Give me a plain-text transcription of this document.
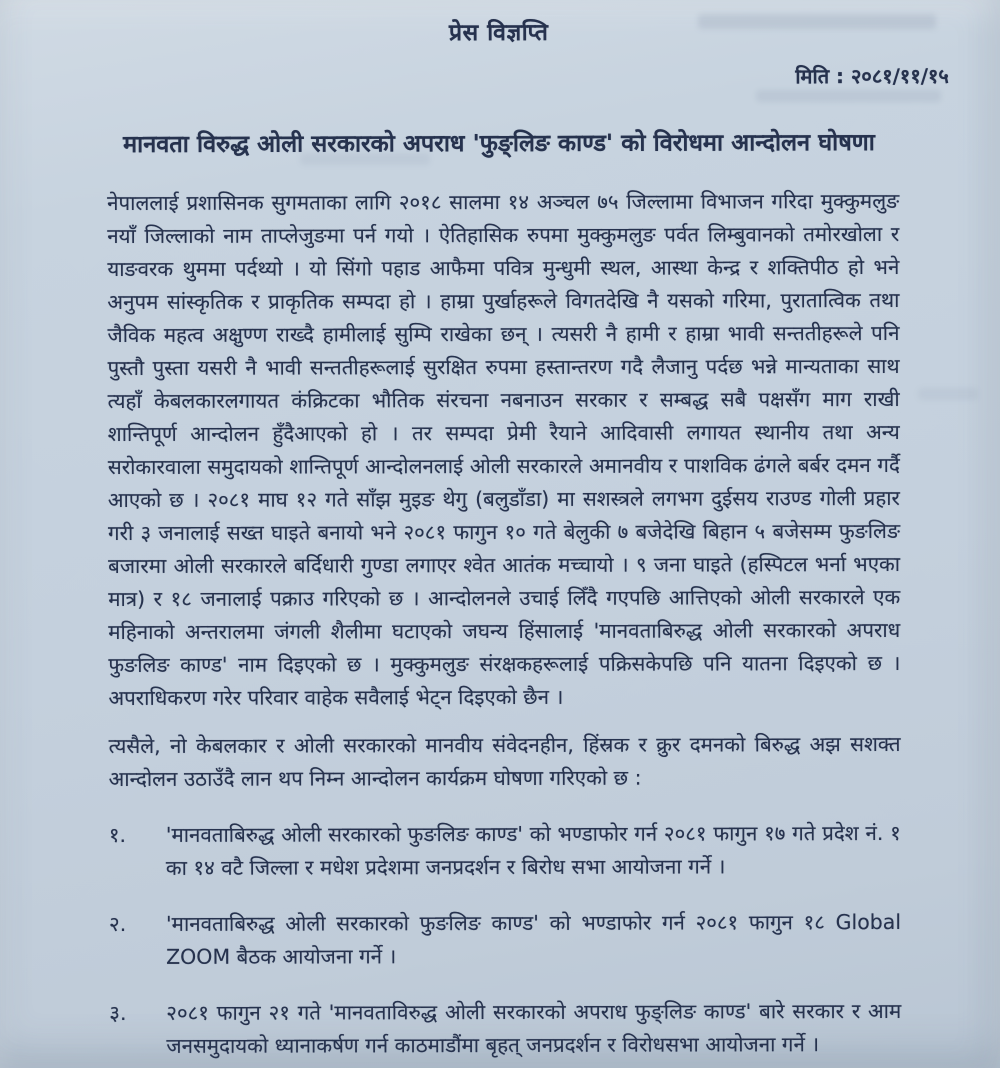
प्रेस विज्ञप्ति
मिति : २०८१/११/१५
मानवता विरुद्ध ओली सरकारको अपराध 'फुङ्लिङ काण्ड' को विरोधमा आन्दोलन घोषणा

नेपाललाई प्रशासिनक सुगमताका लागि २०१८ सालमा १४ अञ्चल ७५ जिल्लामा विभाजन गरिदा मुक्कुमलुङ नयाँ जिल्लाको नाम ताप्लेजुङमा पर्न गयो । ऐतिहासिक रुपमा मुक्कुमलुङ पर्वत लिम्बुवानको तमोरखोला र याङवरक थुममा पर्दथ्यो । यो सिंगो पहाड आफैमा पवित्र मुन्धुमी स्थल, आस्था केन्द्र र शक्तिपीठ हो भने अनुपम सांस्कृतिक र प्राकृतिक सम्पदा हो । हाम्रा पुर्खाहरूले विगतदेखि नै यसको गरिमा, पुरातात्विक तथा जैविक महत्व अक्षुण्ण राख्दै हामीलाई सुम्पि राखेका छन् । त्यसरी नै हामी र हाम्रा भावी सन्ततीहरूले पनि पुस्तौ पुस्ता यसरी नै भावी सन्ततीहरूलाई सुरक्षित रुपमा हस्तान्तरण गदै लैजानु पर्दछ भन्ने मान्यताका साथ त्यहाँ केबलकारलगायत कंक्रिटका भौतिक संरचना नबनाउन सरकार र सम्बद्ध सबै पक्षसँग माग राखी शान्तिपूर्ण आन्दोलन हुँदैआएको हो । तर सम्पदा प्रेमी रैयाने आदिवासी लगायत स्थानीय तथा अन्य सरोकारवाला समुदायको शान्तिपूर्ण आन्दोलनलाई ओली सरकारले अमानवीय र पाशविक ढंगले बर्बर दमन गर्दै आएको छ । २०८१ माघ १२ गते साँझ मुइङ थेगु (बलुडाँडा) मा सशस्त्रले लगभग दुईसय राउण्ड गोली प्रहार गरी ३ जनालाई सख्त घाइते बनायो भने २०८१ फागुन १० गते बेलुकी ७ बजेदेखि बिहान ५ बजेसम्म फुङलिङ बजारमा ओली सरकारले बर्दिधारी गुण्डा लगाएर श्वेत आतंक मच्चायो । ९ जना घाइते (हस्पिटल भर्ना भएका मात्र) र १८ जनालाई पक्राउ गरिएको छ । आन्दोलनले उचाई लिँदै गएपछि आत्तिएको ओली सरकारले एक महिनाको अन्तरालमा जंगली शैलीमा घटाएको जघन्य हिंसालाई 'मानवताबिरुद्ध ओली सरकारको अपराध फुङलिङ काण्ड' नाम दिइएको छ । मुक्कुमलुङ संरक्षकहरूलाई पक्रिसकेपछि पनि यातना दिइएको छ । अपराधिकरण गरेर परिवार वाहेक सवैलाई भेट्न दिइएको छैन ।

त्यसैले, नो केबलकार र ओली सरकारको मानवीय संवेदनहीन, हिंस्रक र क्रुर दमनको बिरुद्ध अझ सशक्त आन्दोलन उठाउँदै लान थप निम्न आन्दोलन कार्यक्रम घोषणा गरिएको छ :

१.	'मानवताबिरुद्ध ओली सरकारको फुङलिङ काण्ड' को भण्डाफोर गर्न २०८१ फागुन १७ गते प्रदेश नं. १ का १४ वटै जिल्ला र मधेश प्रदेशमा जनप्रदर्शन र बिरोध सभा आयोजना गर्ने ।
२.	'मानवताबिरुद्ध ओली सरकारको फुङलिङ काण्ड' को भण्डाफोर गर्न २०८१ फागुन १८ Global ZOOM बैठक आयोजना गर्ने ।
३.	२०८१ फागुन २१ गते 'मानवताविरुद्ध ओली सरकारको अपराध फुङ्लिङ काण्ड' बारे सरकार र आम जनसमुदायको ध्यानाकर्षण गर्न काठमाडौंमा बृहत् जनप्रदर्शन र विरोधसभा आयोजना गर्ने ।
